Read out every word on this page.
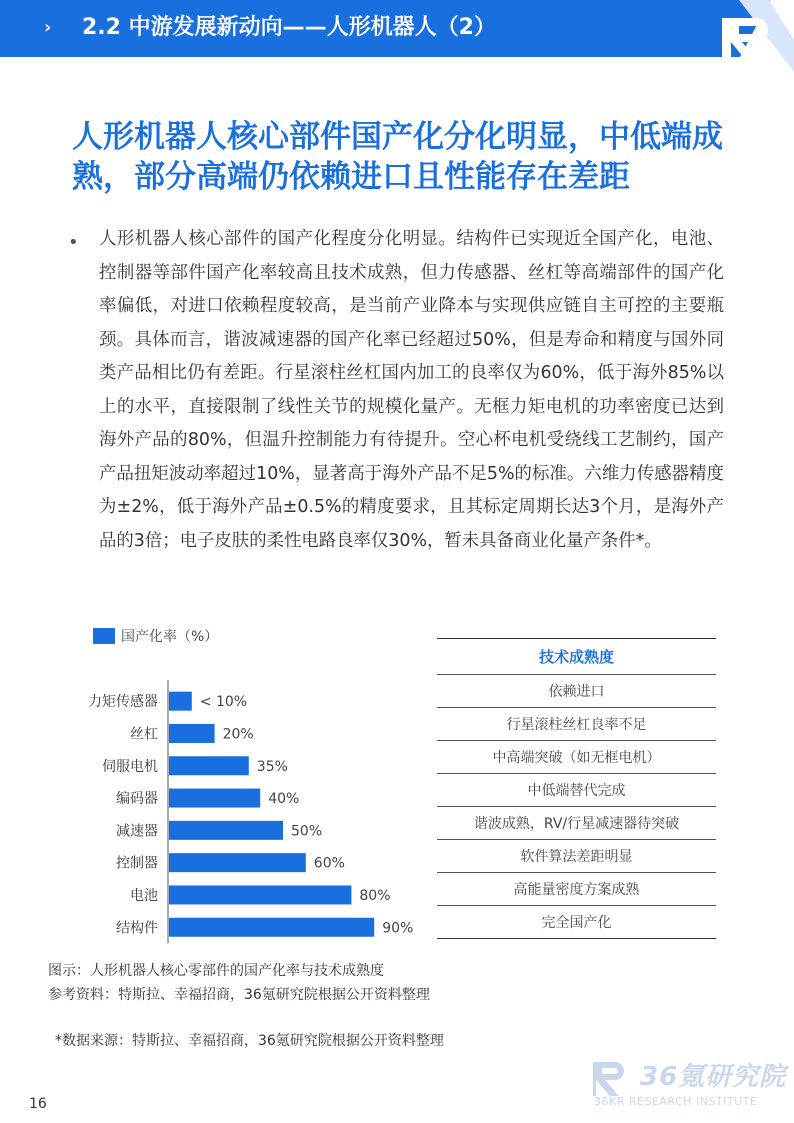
› 2.2 中游发展新动向——人形机器人（2）
人形机器人核心部件国产化分化明显，中低端成熟，部分高端仍依赖进口且性能存在差距
• 人形机器人核心部件的国产化程度分化明显。结构件已实现近全国产化，电池、控制器等部件国产化率较高且技术成熟，但力传感器、丝杠等高端部件的国产化率偏低，对进口依赖程度较高，是当前产业降本与实现供应链自主可控的主要瓶颈。具体而言，谐波减速器的国产化率已经超过50%，但是寿命和精度与国外同类产品相比仍有差距。行星滚柱丝杠国内加工的良率仅为60%，低于海外85%以上的水平，直接限制了线性关节的规模化量产。无框力矩电机的功率密度已达到海外产品的80%，但温升控制能力有待提升。空心杯电机受绕线工艺制约，国产产品扭矩波动率超过10%，显著高于海外产品不足5%的标准。六维力传感器精度为±2%，低于海外产品±0.5%的精度要求，且其标定周期长达3个月，是海外产品的3倍；电子皮肤的柔性电路良率仅30%，暂未具备商业化量产条件*。

国产化率（%）
力矩传感器	< 10%
丝杠	20%
伺服电机	35%
编码器	40%
减速器	50%
控制器	60%
电池	80%
结构件	90%
技术成熟度
依赖进口
行星滚柱丝杠良率不足
中高端突破（如无框电机）
中低端替代完成
谐波成熟，RV/行星减速器待突破
软件算法差距明显
高能量密度方案成熟
完全国产化
图示：人形机器人核心零部件的国产化率与技术成熟度
参考资料：特斯拉、幸福招商，36氪研究院根据公开资料整理
*数据来源：特斯拉、幸福招商，36氪研究院根据公开资料整理
16
36氪研究院
36KR RESEARCH INSTITUTE
